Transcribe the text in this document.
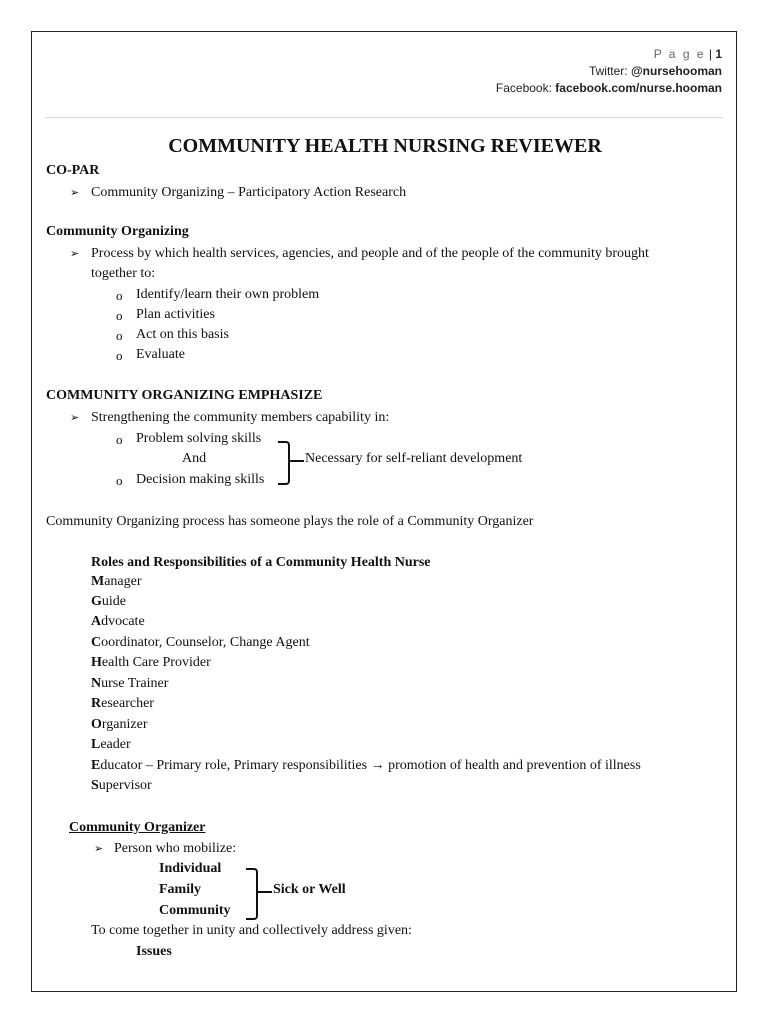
P a g e | 1
Twitter: @nursehooman
Facebook: facebook.com/nurse.hooman
COMMUNITY HEALTH NURSING REVIEWER
CO-PAR
➢ Community Organizing – Participatory Action Research
Community Organizing
➢ Process by which health services, agencies, and people and of the people of the community brought
together to:
o Identify/learn their own problem
o Plan activities
o Act on this basis
o Evaluate
COMMUNITY ORGANIZING EMPHASIZE
➢ Strengthening the community members capability in:
o Problem solving skills
And
o Decision making skills
Necessary for self-reliant development
Community Organizing process has someone plays the role of a Community Organizer
Roles and Responsibilities of a Community Health Nurse
Manager
Guide
Advocate
Coordinator, Counselor, Change Agent
Health Care Provider
Nurse Trainer
Researcher
Organizer
Leader
Educator – Primary role, Primary responsibilities → promotion of health and prevention of illness
Supervisor
Community Organizer
➢ Person who mobilize:
Individual
Family
Community
Sick or Well
To come together in unity and collectively address given:
Issues
